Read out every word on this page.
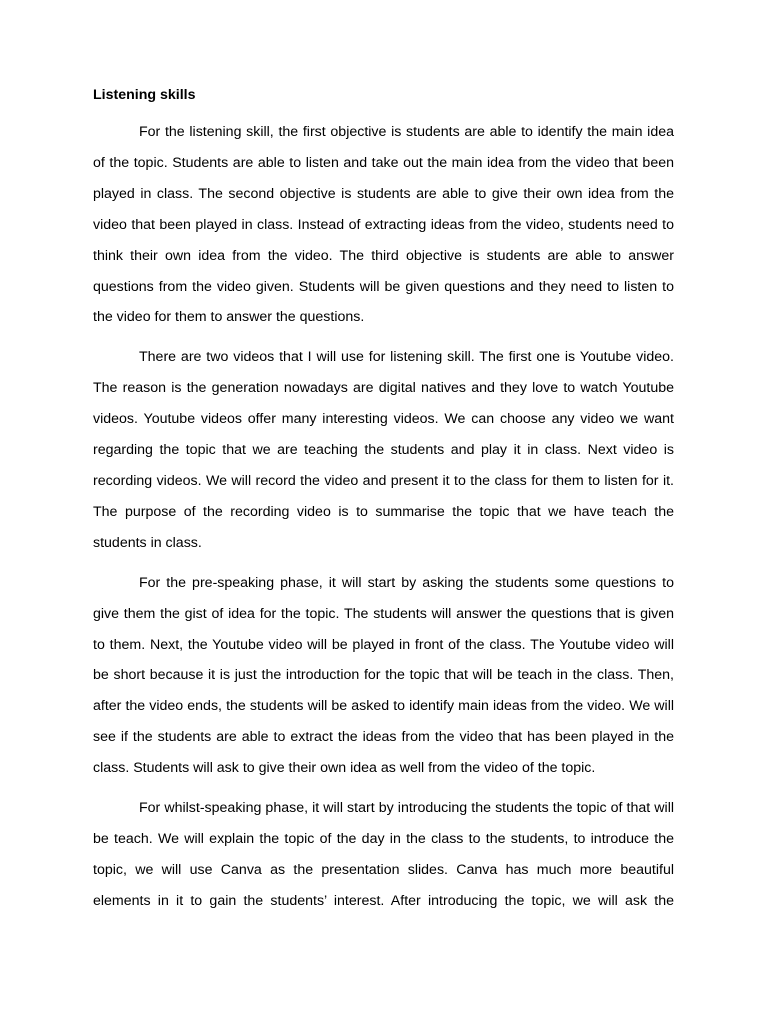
Listening skills

For the listening skill, the first objective is students are able to identify the main idea of the topic. Students are able to listen and take out the main idea from the video that been played in class. The second objective is students are able to give their own idea from the video that been played in class. Instead of extracting ideas from the video, students need to think their own idea from the video. The third objective is students are able to answer questions from the video given. Students will be given questions and they need to listen to the video for them to answer the questions.

There are two videos that I will use for listening skill. The first one is Youtube video. The reason is the generation nowadays are digital natives and they love to watch Youtube videos. Youtube videos offer many interesting videos. We can choose any video we want regarding the topic that we are teaching the students and play it in class. Next video is recording videos. We will record the video and present it to the class for them to listen for it. The purpose of the recording video is to summarise the topic that we have teach the students in class.

For the pre-speaking phase, it will start by asking the students some questions to give them the gist of idea for the topic. The students will answer the questions that is given to them. Next, the Youtube video will be played in front of the class. The Youtube video will be short because it is just the introduction for the topic that will be teach in the class. Then, after the video ends, the students will be asked to identify main ideas from the video. We will see if the students are able to extract the ideas from the video that has been played in the class. Students will ask to give their own idea as well from the video of the topic.

For whilst-speaking phase, it will start by introducing the students the topic of that will be teach. We will explain the topic of the day in the class to the students, to introduce the topic, we will use Canva as the presentation slides. Canva has much more beautiful elements in it to gain the students’ interest. After introducing the topic, we will ask the
